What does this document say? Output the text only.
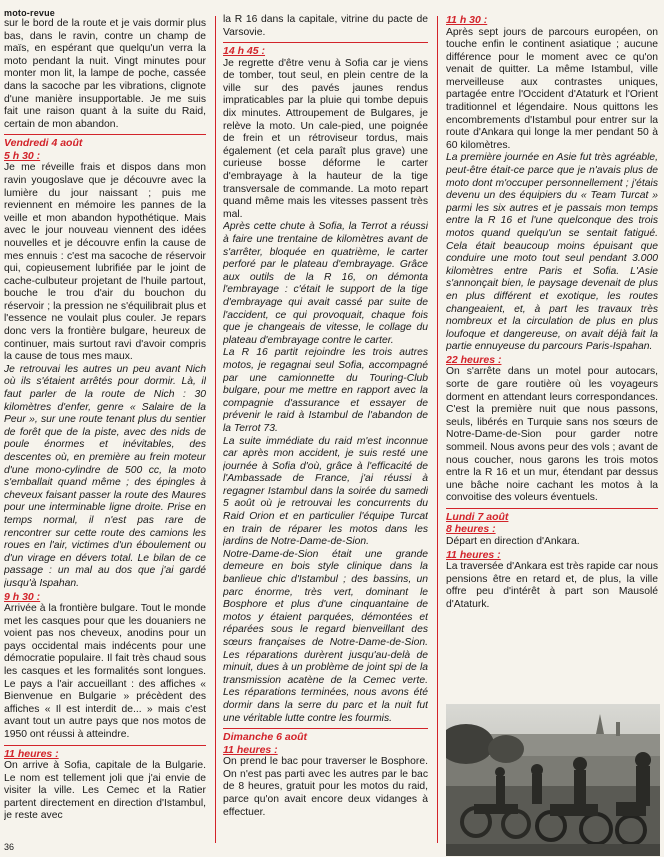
moto-revue

sur le bord de la route et je vais dormir plus bas, dans le ravin, contre un champ de maïs, en espérant que quelqu'un verra la moto pendant la nuit. Vingt minutes pour monter mon lit, la lampe de poche, cassée dans la sacoche par les vibrations, clignote d'une manière insupportable. Je me suis fait une raison quant à la suite du Raid, certain de mon abandon.

Vendredi 4 août
5 h 30 :

Je me réveille frais et dispos dans mon ravin yougoslave que je découvre avec la lumière du jour naissant ; puis me reviennent en mémoire les pannes de la veille et mon abandon hypothétique. Mais avec le jour nouveau viennent des idées nouvelles et je découvre enfin la cause de mes ennuis : c'est ma sacoche de réservoir qui, copieusement lubrifiée par le joint de cache-culbuteur projetant de l'huile partout, bouche le trou d'air du bouchon du réservoir ; la pression ne s'équilibrait plus et l'essence ne voulait plus couler. Je repars donc vers la frontière bulgare, heureux de continuer, mais surtout ravi d'avoir compris la cause de tous mes maux.

Je retrouvai les autres un peu avant Nich où ils s'étaient arrêtés pour dormir. Là, il faut parler de la route de Nich : 30 kilomètres d'enfer, genre « Salaire de la Peur », sur une route tenant plus du sentier de forêt que de la piste, avec des nids de poule énormes et inévitables, des descentes où, en première au frein moteur d'une mono-cylindre de 500 cc, la moto s'emballait quand même ; des épingles à cheveux faisant passer la route des Maures pour une interminable ligne droite. Prise en temps normal, il n'est pas rare de rencontrer sur cette route des camions les roues en l'air, victimes d'un éboulement ou d'un virage en dévers total. Le bilan de ce passage : un mal au dos que j'ai gardé jusqu'à Ispahan.

9 h 30 :

Arrivée à la frontière bulgare. Tout le monde met les casques pour que les douaniers ne voient pas nos cheveux, anodins pour un pays occidental mais indécents pour une démocratie populaire. Il fait très chaud sous les casques et les formalités sont longues. Le pays a l'air accueillant : des affiches « Bienvenue en Bulgarie » précèdent des affiches « Il est interdit de... » mais c'est avant tout un autre pays que nos motos de 1950 ont réussi à atteindre.

11 heures :

On arrive à Sofia, capitale de la Bulgarie. Le nom est tellement joli que j'ai envie de visiter la ville. Les Cemec et la Ratier partent directement en direction d'Istambul, je reste avec

la R 16 dans la capitale, vitrine du pacte de Varsovie.

14 h 45 :

Je regrette d'être venu à Sofia car je viens de tomber, tout seul, en plein centre de la ville sur des pavés jaunes rendus impraticables par la pluie qui tombe depuis dix minutes. Attroupement de Bulgares, je relève la moto. Un cale-pied, une poignée de frein et un rétroviseur tordus, mais également (et cela paraît plus grave) une curieuse bosse déforme le carter d'embrayage à la hauteur de la tige transversale de commande. La moto repart quand même mais les vitesses passent très mal.

Après cette chute à Sofia, la Terrot a réussi à faire une trentaine de kilomètres avant de s'arrêter, bloquée en quatrième, le carter perforé par le plateau d'embrayage. Grâce aux outils de la R 16, on démonta l'embrayage : c'était le support de la tige d'embrayage qui avait cassé par suite de l'accident, ce qui provoquait, chaque fois que je changeais de vitesse, le collage du plateau d'embrayage contre le carter.

La R 16 partit rejoindre les trois autres motos, je regagnai seul Sofia, accompagné par une camionnette du Touring-Club bulgare, pour me mettre en rapport avec la compagnie d'assurance et essayer de prévenir le raid à Istambul de l'abandon de la Terrot 73.

La suite immédiate du raid m'est inconnue car après mon accident, je suis resté une journée à Sofia d'où, grâce à l'efficacité de l'Ambassade de France, j'ai réussi à regagner Istambul dans la soirée du samedi 5 août où je retrouvai les concurrents du Raid Orion et en particulier l'équipe Turcat en train de réparer les motos dans les jardins de Notre-Dame-de-Sion.

Notre-Dame-de-Sion était une grande demeure en bois style clinique dans la banlieue chic d'Istambul ; des bassins, un parc énorme, très vert, dominant le Bosphore et plus d'une cinquantaine de motos y étaient parquées, démontées et réparées sous le regard bienveillant des sœurs françaises de Notre-Dame-de-Sion. Les réparations durèrent jusqu'au-delà de minuit, dues à un problème de joint spi de la transmission acatène de la Cemec verte. Les réparations terminées, nous avons été dormir dans la serre du parc et la nuit fut une véritable lutte contre les fourmis.

Dimanche 6 août
11 heures :

On prend le bac pour traverser le Bosphore. On n'est pas parti avec les autres par le bac de 8 heures, gratuit pour les motos du raid, parce qu'on avait encore deux vidanges à effectuer.

11 h 30 :

Après sept jours de parcours européen, on touche enfin le continent asiatique ; aucune différence pour le moment avec ce qu'on venait de quitter. La même Istambul, ville merveilleuse aux contrastes uniques, partagée entre l'Occident d'Ataturk et l'Orient traditionnel et légendaire. Nous quittons les encombrements d'Istambul pour entrer sur la route d'Ankara qui longe la mer pendant 50 à 60 kilomètres.

La première journée en Asie fut très agréable, peut-être était-ce parce que je n'avais plus de moto dont m'occuper personnellement ; j'étais devenu un des équipiers du « Team Turcat » parmi les six autres et je passais mon temps entre la R 16 et l'une quelconque des trois motos quand quelqu'un se sentait fatigué. Cela était beaucoup moins épuisant que conduire une moto tout seul pendant 3.000 kilomètres entre Paris et Sofia. L'Asie s'annonçait bien, le paysage devenait de plus en plus différent et exotique, les routes changeaient, et, à part les travaux très nombreux et la circulation de plus en plus loufoque et dangereuse, on avait déjà fait la partie ennuyeuse du parcours Paris-Ispahan.

22 heures :

On s'arrête dans un motel pour autocars, sorte de gare routière où les voyageurs dorment en attendant leurs correspondances. C'est la première nuit que nous passons, seuls, libérés en Turquie sans nos sœurs de Notre-Dame-de-Sion pour garder notre sommeil. Nous avons peur des vols ; avant de nous coucher, nous garons les trois motos entre la R 16 et un mur, étendant par dessus une bâche noire cachant les motos à la convoitise des voleurs éventuels.

Lundi 7 août
8 heures :

Départ en direction d'Ankara.

11 heures :

La traversée d'Ankara est très rapide car nous pensions être en retard et, de plus, la ville offre peu d'intérêt à part son Mausolé d'Ataturk.

36
